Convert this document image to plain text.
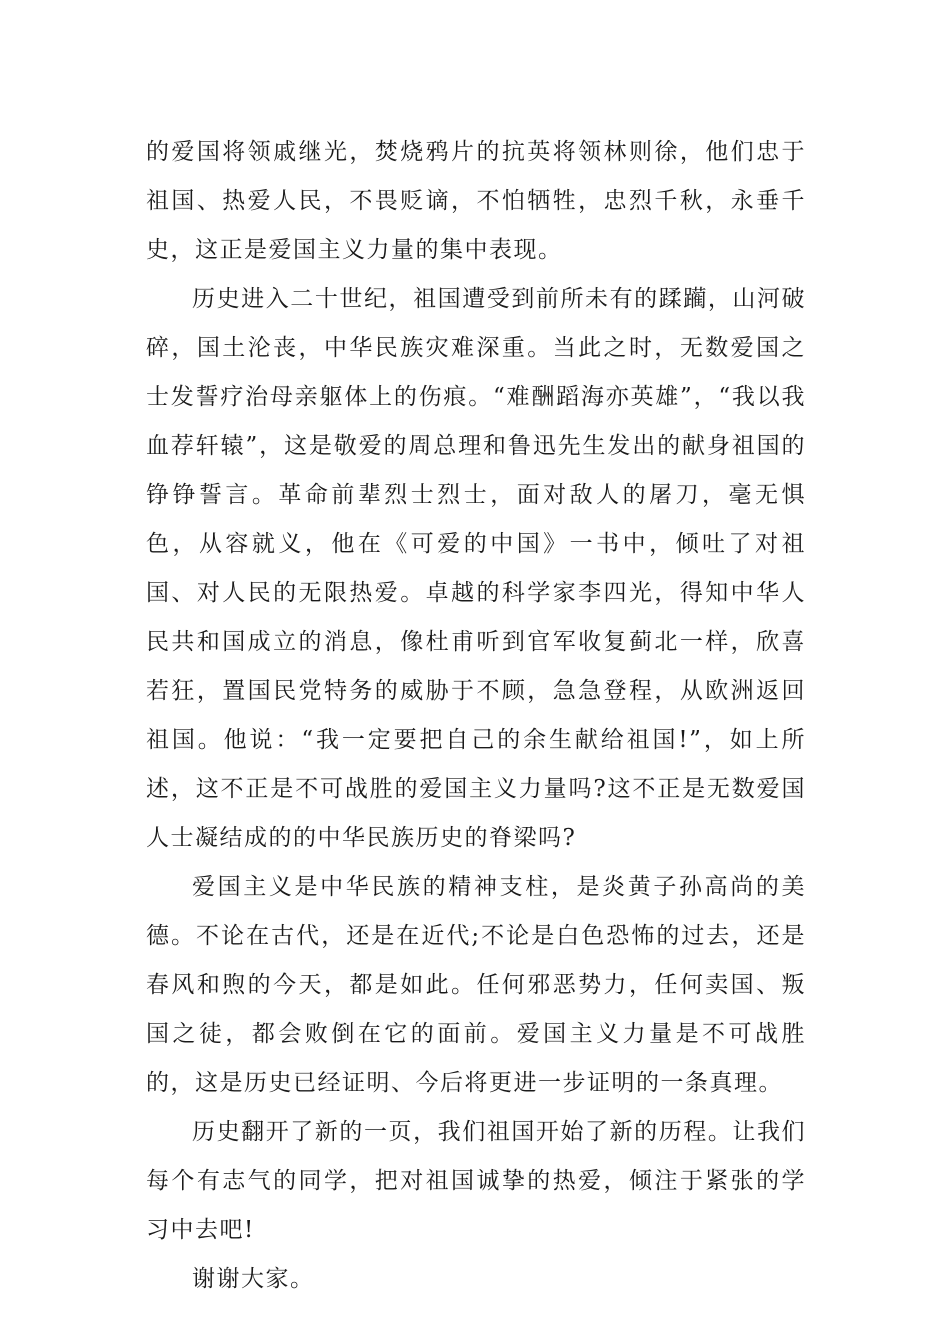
的爱国将领戚继光，焚烧鸦片的抗英将领林则徐，他们忠于祖国、热爱人民，不畏贬谪，不怕牺牲，忠烈千秋，永垂千史，这正是爱国主义力量的集中表现。

历史进入二十世纪，祖国遭受到前所未有的蹂躏，山河破碎，国土沦丧，中华民族灾难深重。当此之时，无数爱国之士发誓疗治母亲躯体上的伤痕。“难酬蹈海亦英雄”，“我以我血荐轩辕”，这是敬爱的周总理和鲁迅先生发出的献身祖国的铮铮誓言。革命前辈烈士烈士，面对敌人的屠刀，毫无惧色，从容就义，他在《可爱的中国》一书中，倾吐了对祖国、对人民的无限热爱。卓越的科学家李四光，得知中华人民共和国成立的消息，像杜甫听到官军收复蓟北一样，欣喜若狂，置国民党特务的威胁于不顾，急急登程，从欧洲返回祖国。他说：“我一定要把自己的余生献给祖国!”，如上所述，这不正是不可战胜的爱国主义力量吗?这不正是无数爱国人士凝结成的的中华民族历史的脊梁吗?

爱国主义是中华民族的精神支柱，是炎黄子孙高尚的美德。不论在古代，还是在近代;不论是白色恐怖的过去，还是春风和煦的今天，都是如此。任何邪恶势力，任何卖国、叛国之徒，都会败倒在它的面前。爱国主义力量是不可战胜的，这是历史已经证明、今后将更进一步证明的一条真理。

历史翻开了新的一页，我们祖国开始了新的历程。让我们每个有志气的同学，把对祖国诚挚的热爱，倾注于紧张的学习中去吧!

谢谢大家。
